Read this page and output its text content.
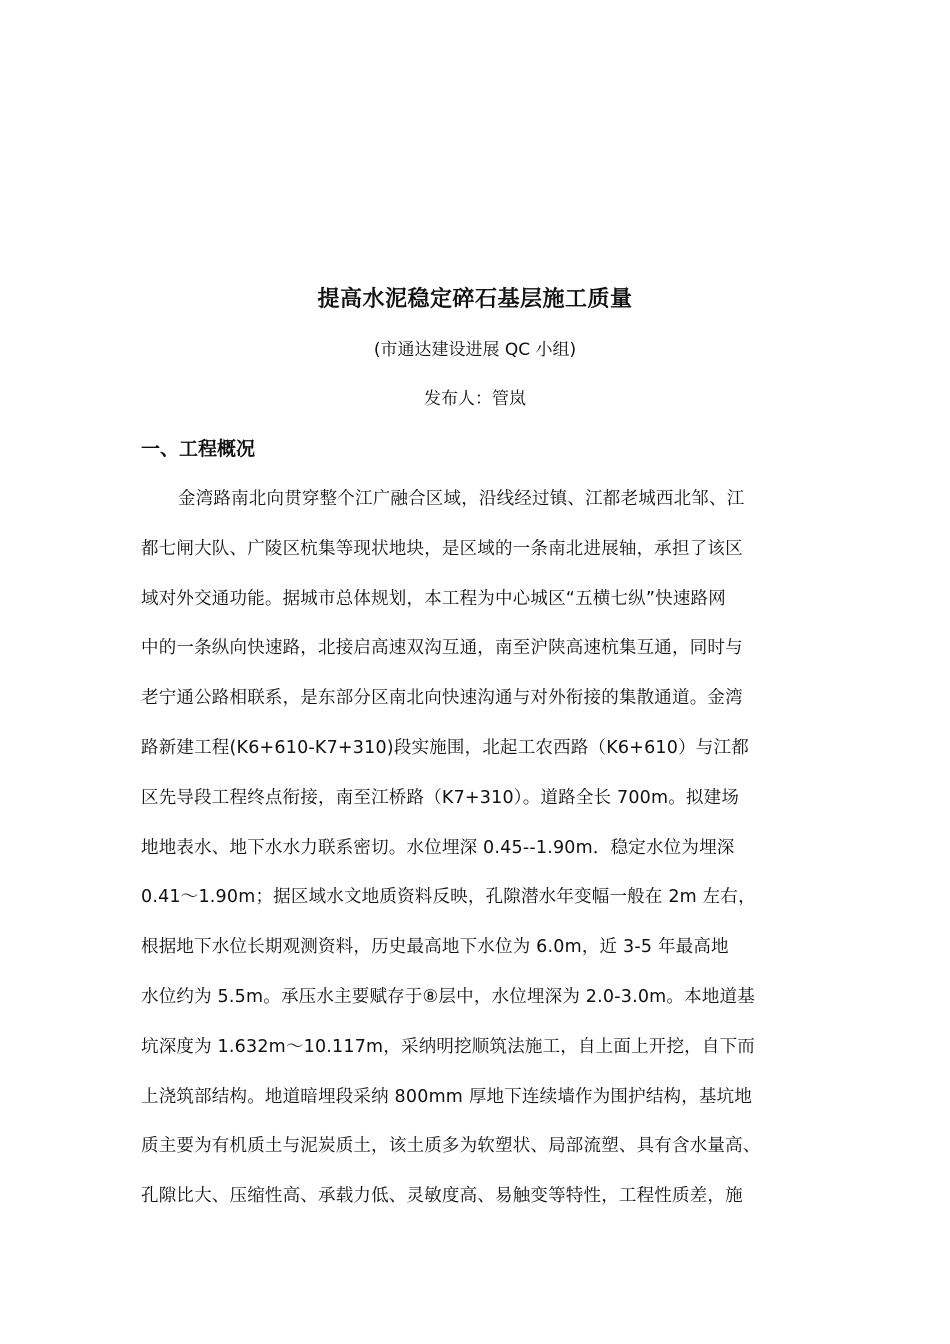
提高水泥稳定碎石基层施工质量
(市通达建设进展 QC 小组)
发布人：管岚
一、工程概况
金湾路南北向贯穿整个江广融合区域，沿线经过镇、江都老城西北邹、江
都七闸大队、广陵区杭集等现状地块，是区域的一条南北进展轴，承担了该区
域对外交通功能。据城市总体规划，本工程为中心城区“五横七纵”快速路网
中的一条纵向快速路，北接启高速双沟互通，南至沪陕高速杭集互通，同时与
老宁通公路相联系，是东部分区南北向快速沟通与对外衔接的集散通道。金湾
路新建工程(K6+610-K7+310)段实施围，北起工农西路（K6+610）与江都
区先导段工程终点衔接，南至江桥路（K7+310）。道路全长 700m。拟建场
地地表水、地下水水力联系密切。水位埋深 0.45--1.90m．稳定水位为埋深
0.41～1.90m；据区域水文地质资料反映，孔隙潜水年变幅一般在 2m 左右，
根据地下水位长期观测资料，历史最高地下水位为 6.0m，近 3-5 年最高地
水位约为 5.5m。承压水主要赋存于⑧层中，水位埋深为 2.0-3.0m。本地道基
坑深度为 1.632m～10.117m，采纳明挖顺筑法施工，自上面上开挖，自下而
上浇筑部结构。地道暗埋段采纳 800mm 厚地下连续墙作为围护结构，基坑地
质主要为有机质土与泥炭质土，该土质多为软塑状、局部流塑、具有含水量高、
孔隙比大、压缩性高、承载力低、灵敏度高、易触变等特性，工程性质差，施
